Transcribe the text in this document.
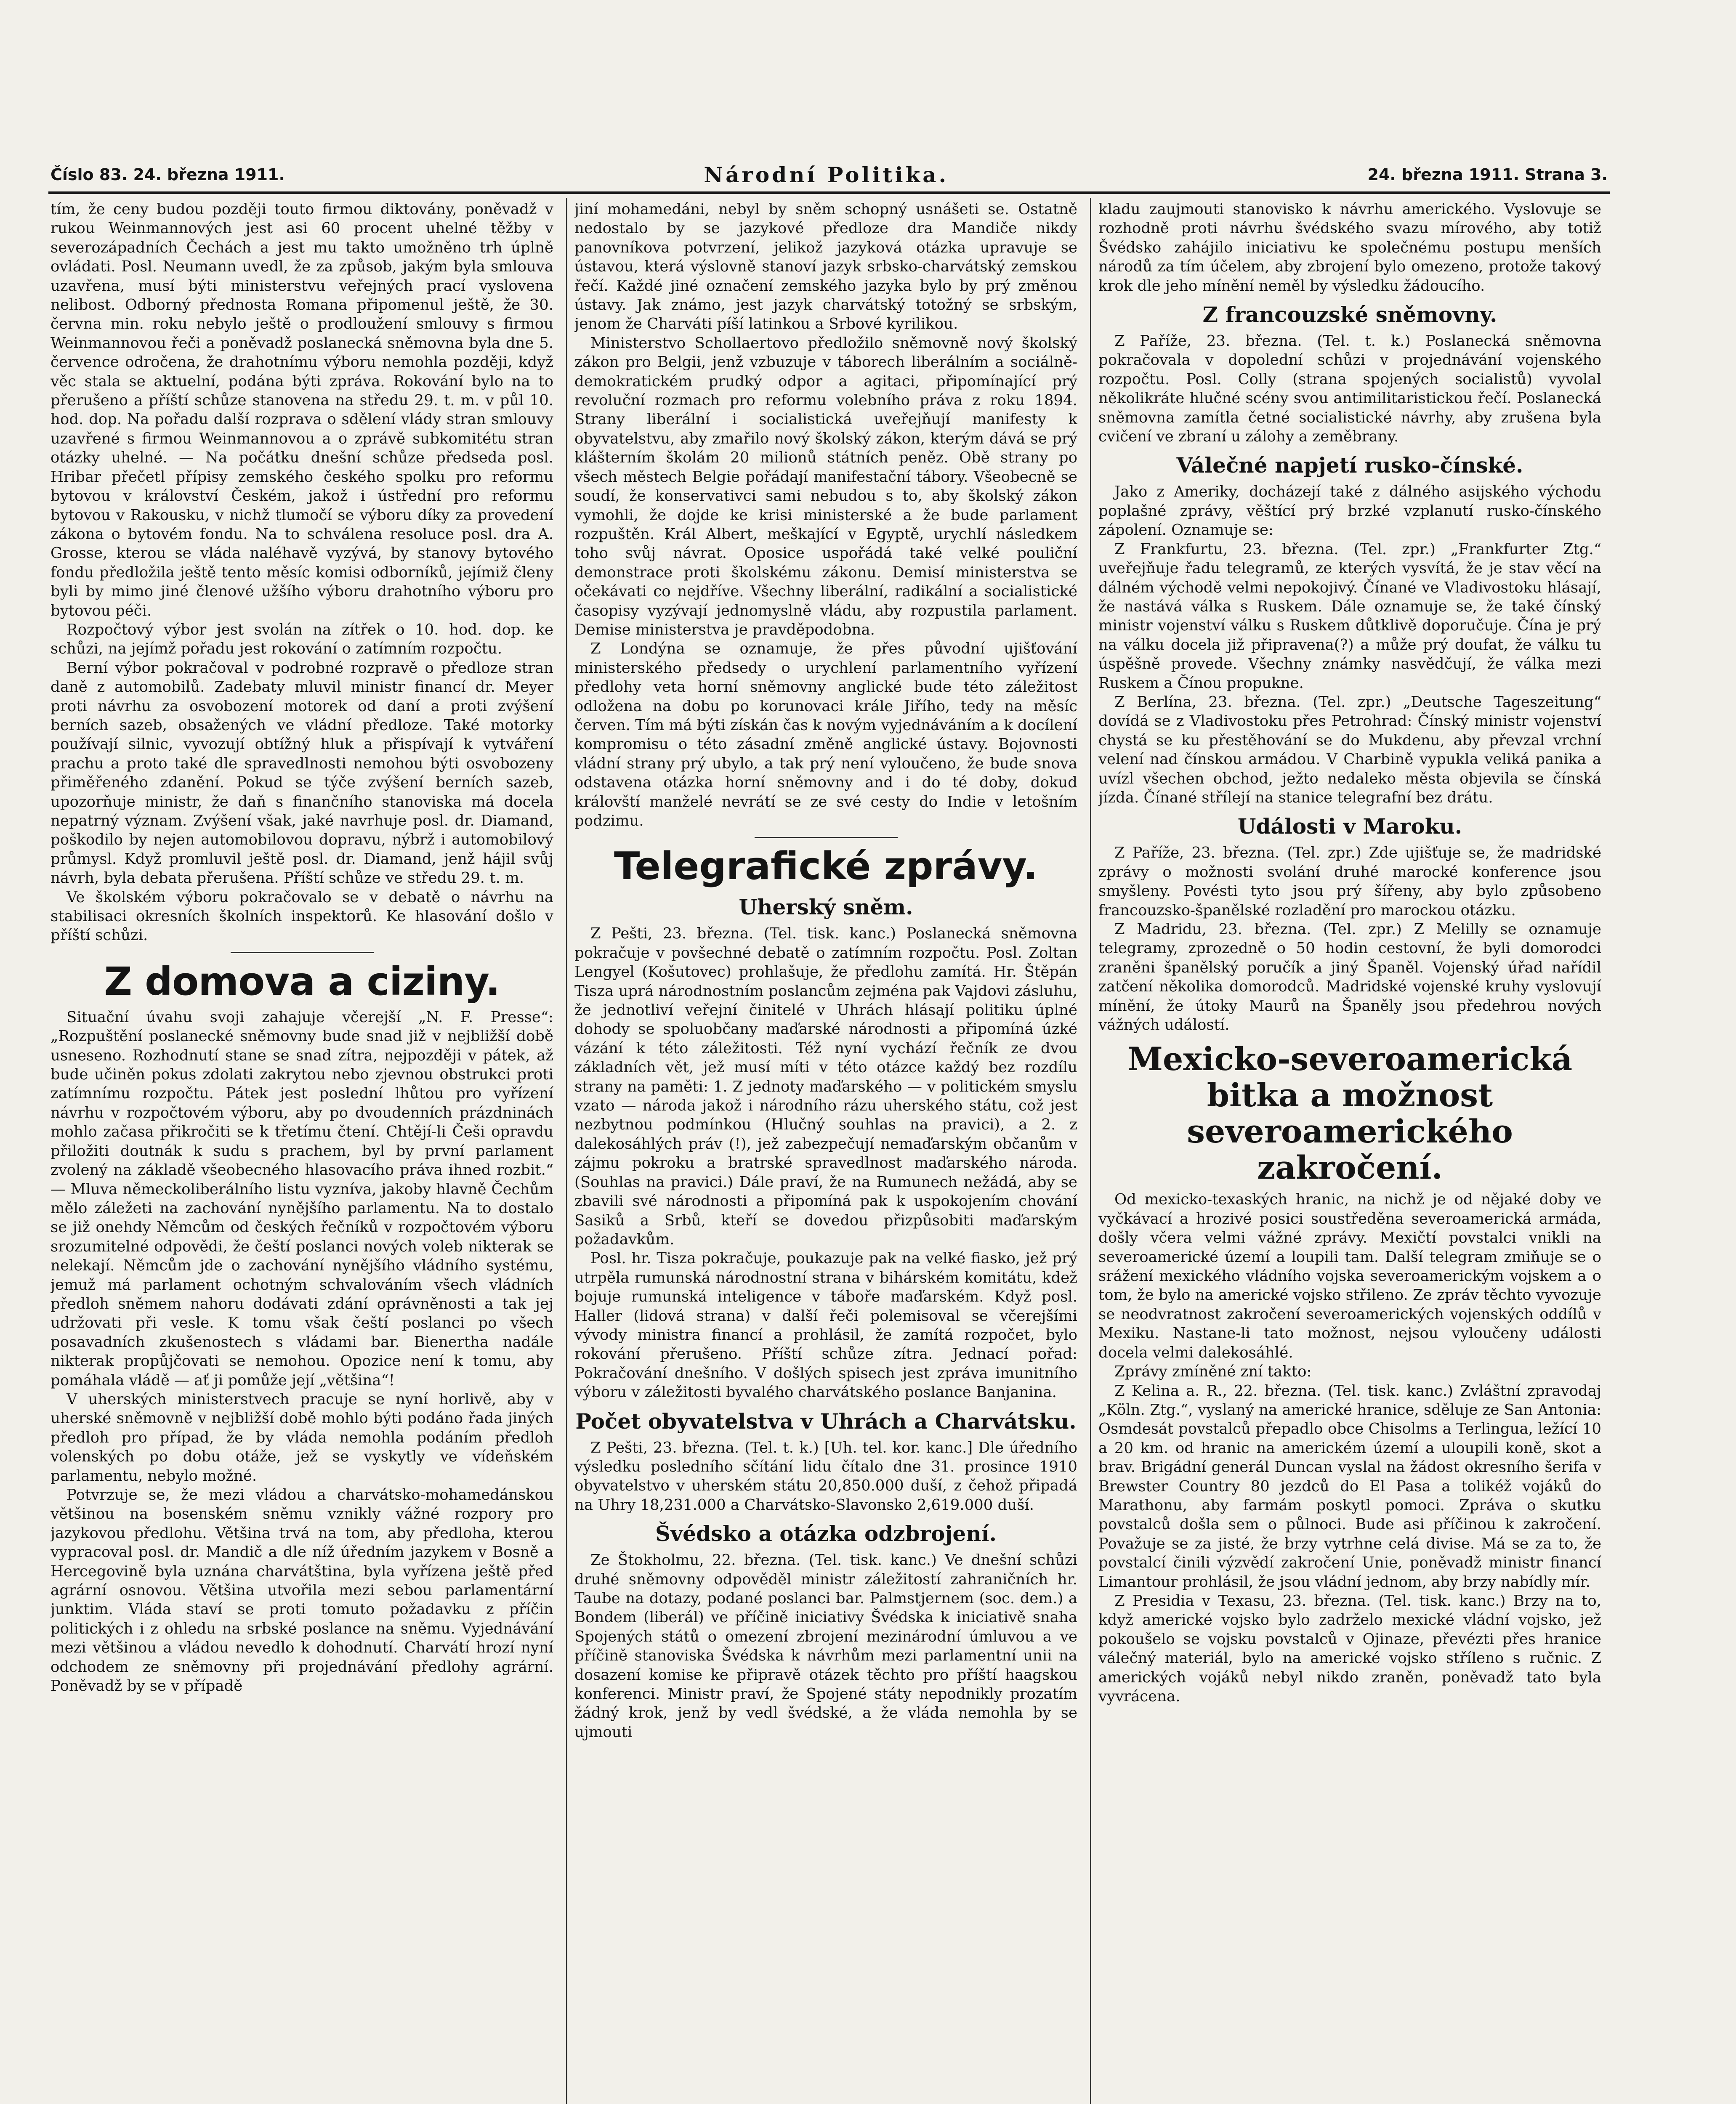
Číslo 83. 24. března 1911.	Národní Politika.	24. března 1911. Strana 3.

tím, že ceny budou později touto firmou diktovány, poněvadž v rukou Weinmannových jest asi 60 procent uhelné těžby v severozápadních Čechách a jest mu takto umožněno trh úplně ovládati. Posl. Neumann uvedl, že za způsob, jakým byla smlouva uzavřena, musí býti ministerstvu veřejných prací vyslovena nelibost. Odborný přednosta Romana připomenul ještě, že 30. června min. roku nebylo ještě o prodloužení smlouvy s firmou Weinmannovou řeči a poněvadž poslanecká sněmovna byla dne 5. července odročena, že drahotnímu výboru nemohla později, když věc stala se aktuelní, podána býti zpráva. Rokování bylo na to přerušeno a příští schůze stanovena na středu 29. t. m. v půl 10. hod. dop. Na pořadu další rozprava o sdělení vlády stran smlouvy uzavřené s firmou Weinmannovou a o zprávě subkomitétu stran otázky uhelné. — Na počátku dnešní schůze předseda posl. Hribar přečetl přípisy zemského českého spolku pro reformu bytovou v království Českém, jakož i ústřední pro reformu bytovou v Rakousku, v nichž tlumočí se výboru díky za provedení zákona o bytovém fondu. Na to schválena resoluce posl. dra A. Grosse, kterou se vláda naléhavě vyzývá, by stanovy bytového fondu předložila ještě tento měsíc komisi odborníků, jejímiž členy byli by mimo jiné členové užšího výboru drahotního výboru pro bytovou péči.

Rozpočtový výbor jest svolán na zítřek o 10. hod. dop. ke schůzi, na jejímž pořadu jest rokování o zatímním rozpočtu.

Berní výbor pokračoval v podrobné rozpravě o předloze stran daně z automobilů. Zadebaty mluvil ministr financí dr. Meyer proti návrhu za osvobození motorek od daní a proti zvýšení berních sazeb, obsažených ve vládní předloze. Také motorky používají silnic, vyvozují obtížný hluk a přispívají k vytváření prachu a proto také dle spravedlnosti nemohou býti osvobozeny přiměřeného zdanění. Pokud se týče zvýšení berních sazeb, upozorňuje ministr, že daň s finančního stanoviska má docela nepatrný význam. Zvýšení však, jaké navrhuje posl. dr. Diamand, poškodilo by nejen automobilovou dopravu, nýbrž i automobilový průmysl. Když promluvil ještě posl. dr. Diamand, jenž hájil svůj návrh, byla debata přerušena. Příští schůze ve středu 29. t. m.

Ve školském výboru pokračovalo se v debatě o návrhu na stabilisaci okresních školních inspektorů. Ke hlasování došlo v příští schůzi.

Z domova a ciziny.

Situační úvahu svoji zahajuje včerejší „N. F. Presse“: „Rozpuštění poslanecké sněmovny bude snad již v nejbližší době usneseno. Rozhodnutí stane se snad zítra, nejpozději v pátek, až bude učiněn pokus zdolati zakrytou nebo zjevnou obstrukci proti zatímnímu rozpočtu. Pátek jest poslední lhůtou pro vyřízení návrhu v rozpočtovém výboru, aby po dvoudenních prázdninách mohlo začasa přikročiti se k třetímu čtení. Chtějí-li Češi opravdu přiložiti doutnák k sudu s prachem, byl by první parlament zvolený na základě všeobecného hlasovacího práva ihned rozbit.“ — Mluva německoliberálního listu vyzníva, jakoby hlavně Čechům mělo záležeti na zachování nynějšího parlamentu. Na to dostalo se již onehdy Němcům od českých řečníků v rozpočtovém výboru srozumitelné odpovědi, že čeští poslanci nových voleb nikterak se nelekají. Němcům jde o zachování nynějšího vládního systému, jemuž má parlament ochotným schvalováním všech vládních předloh sněmem nahoru dodávati zdání oprávněnosti a tak jej udržovati při vesle. K tomu však čeští poslanci po všech posavadních zkušenostech s vládami bar. Bienertha nadále nikterak propůjčovati se nemohou. Opozice není k tomu, aby pomáhala vládě — ať ji pomůže její „většina“!

V uherských ministerstvech pracuje se nyní horlivě, aby v uherské sněmovně v nejbližší době mohlo býti podáno řada jiných předloh pro případ, že by vláda nemohla podáním předloh volenských po dobu otáže, jež se vyskytly ve vídeňském parlamentu, nebylo možné.

Potvrzuje se, že mezi vládou a charvátsko-mohamedánskou většinou na bosenském sněmu vznikly vážné rozpory pro jazykovou předlohu. Většina trvá na tom, aby předloha, kterou vypracoval posl. dr. Mandič a dle níž úředním jazykem v Bosně a Hercegovině byla uznána charvátština, byla vyřízena ještě před agrární osnovou. Většina utvořila mezi sebou parlamentární junktim. Vláda staví se proti tomuto požadavku z příčin politických i z ohledu na srbské poslance na sněmu. Vyjednávání mezi většinou a vládou nevedlo k dohodnutí. Charvátí hrozí nyní odchodem ze sněmovny při projednávání předlohy agrární. Poněvadž by se v případě

jiní mohamedáni, nebyl by sněm schopný usnášeti se. Ostatně nedostalo by se jazykové předloze dra Mandiče nikdy panovníkova potvrzení, jelikož jazyková otázka upravuje se ústavou, která výslovně stanoví jazyk srbsko-charvátský zemskou řečí. Každé jiné označení zemského jazyka bylo by prý změnou ústavy. Jak známo, jest jazyk charvátský totožný se srbským, jenom že Charváti píší latinkou a Srbové kyrilikou.

Ministerstvo Schollaertovo předložilo sněmovně nový školský zákon pro Belgii, jenž vzbuzuje v táborech liberálním a sociálně-demokratickém prudký odpor a agitaci, připomínající prý revoluční rozmach pro reformu volebního práva z roku 1894. Strany liberální i socialistická uveřejňují manifesty k obyvatelstvu, aby zmařilo nový školský zákon, kterým dává se prý klášterním školám 20 milionů státních peněz. Obě strany po všech městech Belgie pořádají manifestační tábory. Všeobecně se soudí, že konservativci sami nebudou s to, aby školský zákon vymohli, že dojde ke krisi ministerské a že bude parlament rozpuštěn. Král Albert, meškající v Egyptě, urychlí následkem toho svůj návrat. Oposice uspořádá také velké pouliční demonstrace proti školskému zákonu. Demisí ministerstva se očekávati co nejdříve. Všechny liberální, radikální a socialistické časopisy vyzývají jednomyslně vládu, aby rozpustila parlament. Demise ministerstva je pravděpodobna.

Z Londýna se oznamuje, že přes původní ujišťování ministerského předsedy o urychlení parlamentního vyřízení předlohy veta horní sněmovny anglické bude této záležitost odložena na dobu po korunovaci krále Jiřího, tedy na měsíc červen. Tím má býti získán čas k novým vyjednáváním a k docílení kompromisu o této zásadní změně anglické ústavy. Bojovnosti vládní strany prý ubylo, a tak prý není vyloučeno, že bude snova odstavena otázka horní sněmovny and i do té doby, dokud královští manželé nevrátí se ze své cesty do Indie v letošním podzimu.

Telegrafické zprávy.
Uherský sněm.

Z Pešti, 23. března. (Tel. tisk. kanc.) Poslanecká sněmovna pokračuje v povšechné debatě o zatímním rozpočtu. Posl. Zoltan Lengyel (Košutovec) prohlašuje, že předlohu zamítá. Hr. Štěpán Tisza uprá národnostním poslancům zejména pak Vajdovi zásluhu, že jednotliví veřejní činitelé v Uhrách hlásají politiku úplné dohody se spoluobčany maďarské národnosti a připomíná úzké vázání k této záležitosti. Též nyní vychází řečník ze dvou základních vět, jež musí míti v této otázce každý bez rozdílu strany na paměti: 1. Z jednoty maďarského — v politickém smyslu vzato — národa jakož i národního rázu uherského státu, což jest nezbytnou podmínkou (Hlučný souhlas na pravici), a 2. z dalekosáhlých práv (!), jež zabezpečují nemaďarským občanům v zájmu pokroku a bratrské spravedlnost maďarského národa. (Souhlas na pravici.) Dále praví, že na Rumunech nežádá, aby se zbavili své národnosti a připomíná pak k uspokojením chování Sasiků a Srbů, kteří se dovedou přizpůsobiti maďarským požadavkům.

Posl. hr. Tisza pokračuje, poukazuje pak na velké fiasko, jež prý utrpěla rumunská národnostní strana v bihárském komitátu, kdež bojuje rumunská inteligence v táboře maďarském. Když posl. Haller (lidová strana) v další řeči polemisoval se včerejšími vývody ministra financí a prohlásil, že zamítá rozpočet, bylo rokování přerušeno. Příští schůze zítra. Jednací pořad: Pokračování dnešního. V došlých spisech jest zpráva imunitního výboru v záležitosti byvalého charvátského poslance Banjanina.

Počet obyvatelstva v Uhrách a Charvátsku.

Z Pešti, 23. března. (Tel. t. k.) [Uh. tel. kor. kanc.] Dle úředního výsledku posledního sčítání lidu čítalo dne 31. prosince 1910 obyvatelstvo v uherském státu 20,850.000 duší, z čehož připadá na Uhry 18,231.000 a Charvátsko-Slavonsko 2,619.000 duší.

Švédsko a otázka odzbrojení.

Ze Štokholmu, 22. března. (Tel. tisk. kanc.) Ve dnešní schůzi druhé sněmovny odpověděl ministr záležitostí zahraničních hr. Taube na dotazy, podané poslanci bar. Palmstjernem (soc. dem.) a Bondem (liberál) ve příčině iniciativy Švédska k iniciativě snaha Spojených států o omezení zbrojení mezinárodní úmluvou a ve příčině stanoviska Švédska k návrhům mezi parlamentní unii na dosazení komise ke připravě otázek těchto pro příští haagskou konferenci. Ministr praví, že Spojené státy nepodnikly prozatím žádný krok, jenž by vedl švédské, a že vláda nemohla by se ujmouti

kladu zaujmouti stanovisko k návrhu amerického. Vyslovuje se rozhodně proti návrhu švédského svazu mírového, aby totiž Švédsko zahájilo iniciativu ke společnému postupu menších národů za tím účelem, aby zbrojení bylo omezeno, protože takový krok dle jeho mínění neměl by výsledku žádoucího.

Z francouzské sněmovny.

Z Paříže, 23. března. (Tel. t. k.) Poslanecká sněmovna pokračovala v dopolední schůzi v projednávání vojenského rozpočtu. Posl. Colly (strana spojených socialistů) vyvolal několikráte hlučné scény svou antimilitaristickou řečí. Poslanecká sněmovna zamítla četné socialistické návrhy, aby zrušena byla cvičení ve zbraní u zálohy a zeměbrany.

Válečné napjetí rusko-čínské.

Jako z Ameriky, docházejí také z dálného asijského východu poplašné zprávy, věštící prý brzké vzplanutí rusko-čínského zápolení. Oznamuje se:

Z Frankfurtu, 23. března. (Tel. zpr.) „Frankfurter Ztg.“ uveřejňuje řadu telegramů, ze kterých vysvítá, že je stav věcí na dálném východě velmi nepokojivý. Čínané ve Vladivostoku hlásají, že nastává válka s Ruskem. Dále oznamuje se, že také čínský ministr vojenství válku s Ruskem důtklivě doporučuje. Čína je prý na válku docela již připravena(?) a může prý doufat, že válku tu úspěšně provede. Všechny známky nasvědčují, že válka mezi Ruskem a Čínou propukne.

Z Berlína, 23. března. (Tel. zpr.) „Deutsche Tageszeitung“ dovídá se z Vladivostoku přes Petrohrad: Čínský ministr vojenství chystá se ku přestěhování se do Mukdenu, aby převzal vrchní velení nad čínskou armádou. V Charbině vypukla veliká panika a uvízl všechen obchod, ježto nedaleko města objevila se čínská jízda. Čínané střílejí na stanice telegrafní bez drátu.

Události v Maroku.

Z Paříže, 23. března. (Tel. zpr.) Zde ujišťuje se, že madridské zprávy o možnosti svolání druhé marocké konference jsou smyšleny. Povésti tyto jsou prý šířeny, aby bylo způsobeno francouzsko-španělské rozladění pro marockou otázku.

Z Madridu, 23. března. (Tel. zpr.) Z Melilly se oznamuje telegramy, zprozedně o 50 hodin cestovní, že byli domorodci zraněni španělský poručík a jiný Španěl. Vojenský úřad nařídil zatčení několika domorodců. Madridské vojenské kruhy vyslovují mínění, že útoky Maurů na Španěly jsou předehrou nových vážných událostí.

Mexicko-severoamerická bitka a možnost severoamerického zakročení.

Od mexicko-texaských hranic, na nichž je od nějaké doby ve vyčkávací a hrozivé posici soustředěna severoamerická armáda, došly včera velmi vážné zprávy. Mexičtí povstalci vnikli na severoamerické území a loupili tam. Další telegram zmiňuje se o srážení mexického vládního vojska severoamerickým vojskem a o tom, že bylo na americké vojsko střileno. Ze zpráv těchto vyvozuje se neodvratnost zakročení severoamerických vojenských oddílů v Mexiku. Nastane-li tato možnost, nejsou vyloučeny události docela velmi dalekosáhlé.

Zprávy zmíněné zní takto:

Z Kelina a. R., 22. března. (Tel. tisk. kanc.) Zvláštní zpravodaj „Köln. Ztg.“, vyslaný na americké hranice, sděluje ze San Antonia: Osmdesát povstalců přepadlo obce Chisolms a Terlingua, ležící 10 a 20 km. od hranic na americkém území a uloupili koně, skot a brav. Brigádní generál Duncan vyslal na žádost okresního šerifa v Brewster Country 80 jezdců do El Pasa a tolikéž vojáků do Marathonu, aby farmám poskytl pomoci. Zpráva o skutku povstalců došla sem o půlnoci. Bude asi příčinou k zakročení. Považuje se za jisté, že brzy vytrhne celá divise. Má se za to, že povstalcí činili výzvědí zakročení Unie, poněvadž ministr financí Limantour prohlásil, že jsou vládní jednom, aby brzy nabídly mír.

Z Presidia v Texasu, 23. března. (Tel. tisk. kanc.) Brzy na to, když americké vojsko bylo zadrželo mexické vládní vojsko, jež pokoušelo se vojsku povstalců v Ojinaze, převézti přes hranice válečný materiál, bylo na americké vojsko stříleno s ručnic. Z amerických vojáků nebyl nikdo zraněn, poněvadž tato byla vyvrácena.
